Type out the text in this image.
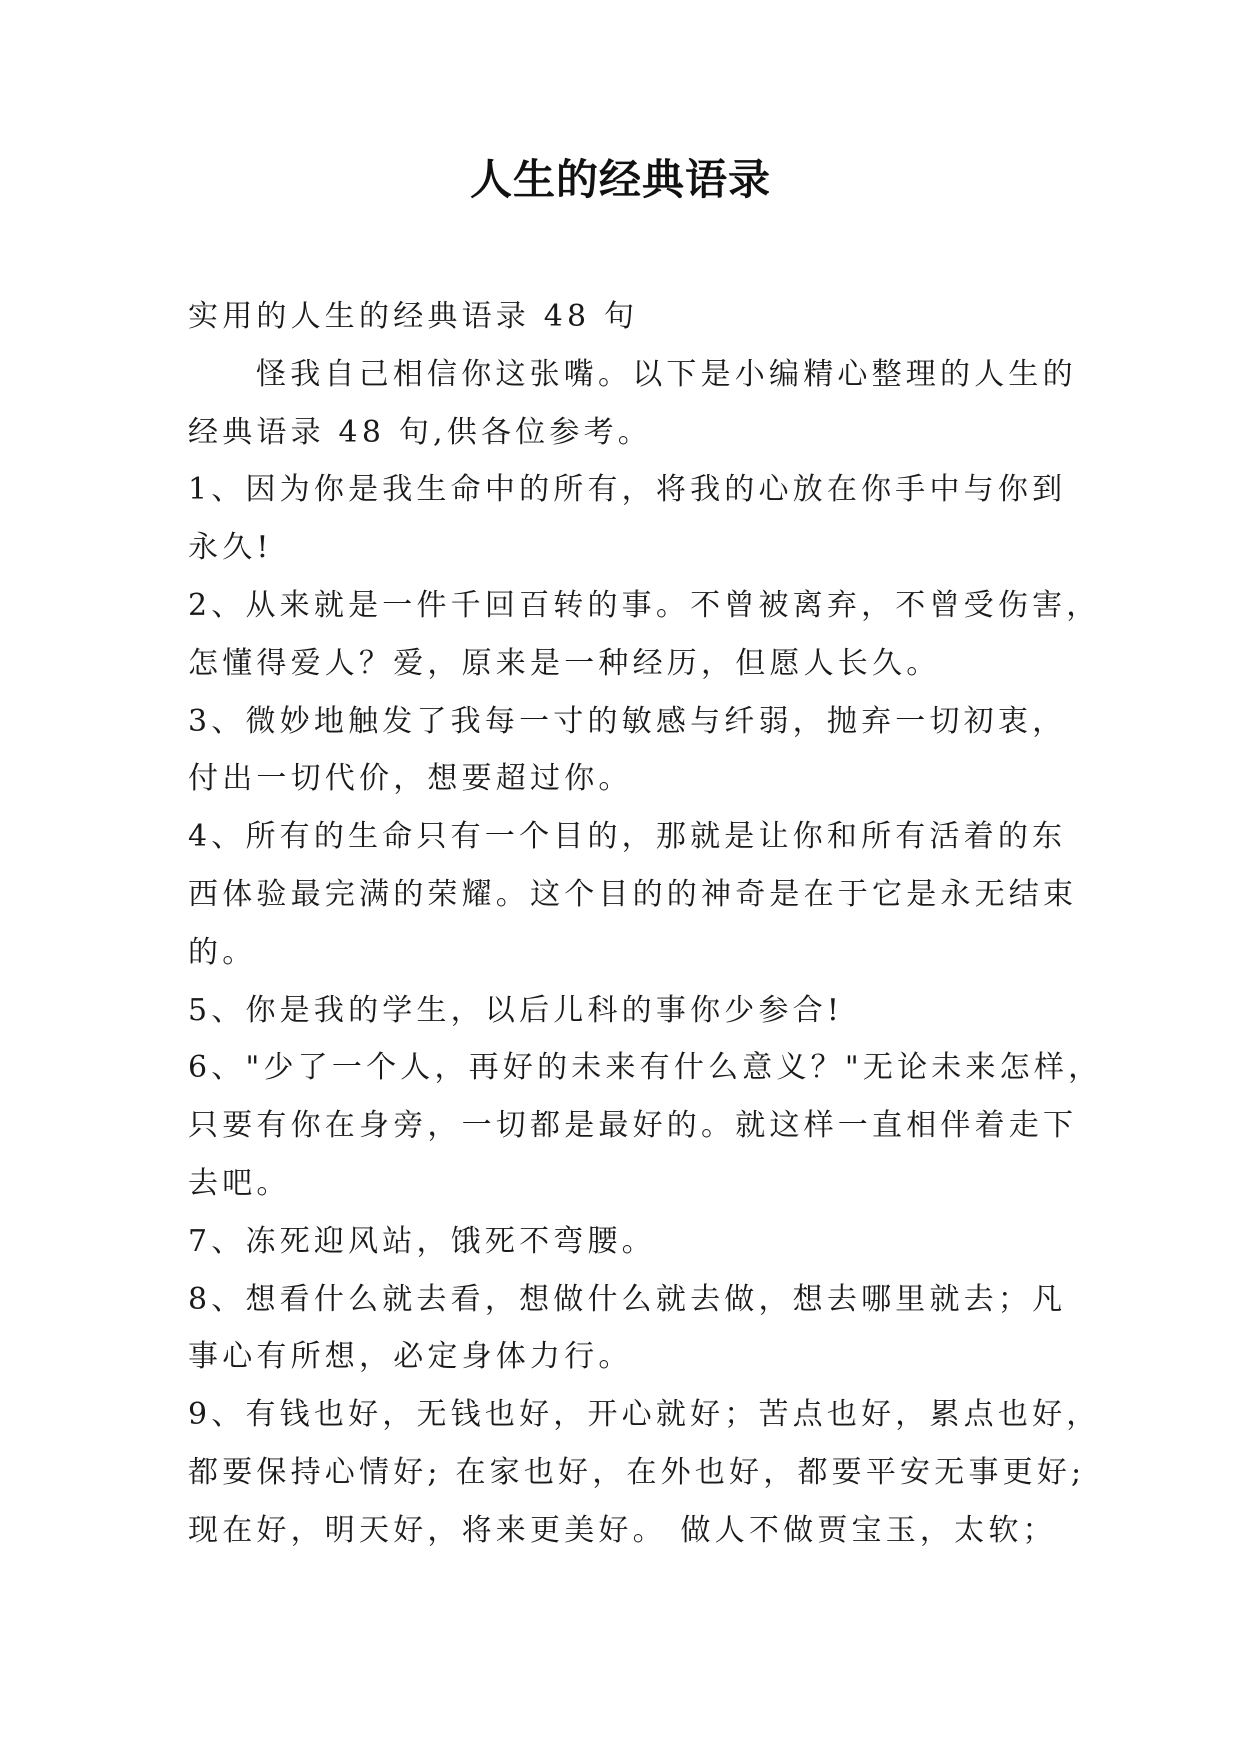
人生的经典语录

实用的人生的经典语录 48 句

怪我自己相信你这张嘴。以下是小编精心整理的人生的

经典语录 48 句,供各位参考。

1、因为你是我生命中的所有，将我的心放在你手中与你到

永久!

2、从来就是一件千回百转的事。不曾被离弃，不曾受伤害，

怎懂得爱人？爱，原来是一种经历，但愿人长久。

3、微妙地触发了我每一寸的敏感与纤弱，抛弃一切初衷，

付出一切代价，想要超过你。

4、所有的生命只有一个目的，那就是让你和所有活着的东

西体验最完满的荣耀。这个目的的神奇是在于它是永无结束

的。

5、你是我的学生，以后儿科的事你少参合!

6、"少了一个人，再好的未来有什么意义？"无论未来怎样，

只要有你在身旁，一切都是最好的。就这样一直相伴着走下

去吧。

7、冻死迎风站，饿死不弯腰。

8、想看什么就去看，想做什么就去做，想去哪里就去；凡

事心有所想，必定身体力行。

9、有钱也好，无钱也好，开心就好；苦点也好，累点也好，

都要保持心情好; 在家也好，在外也好，都要平安无事更好;

现在好，明天好，将来更美好。 做人不做贾宝玉，太软；
